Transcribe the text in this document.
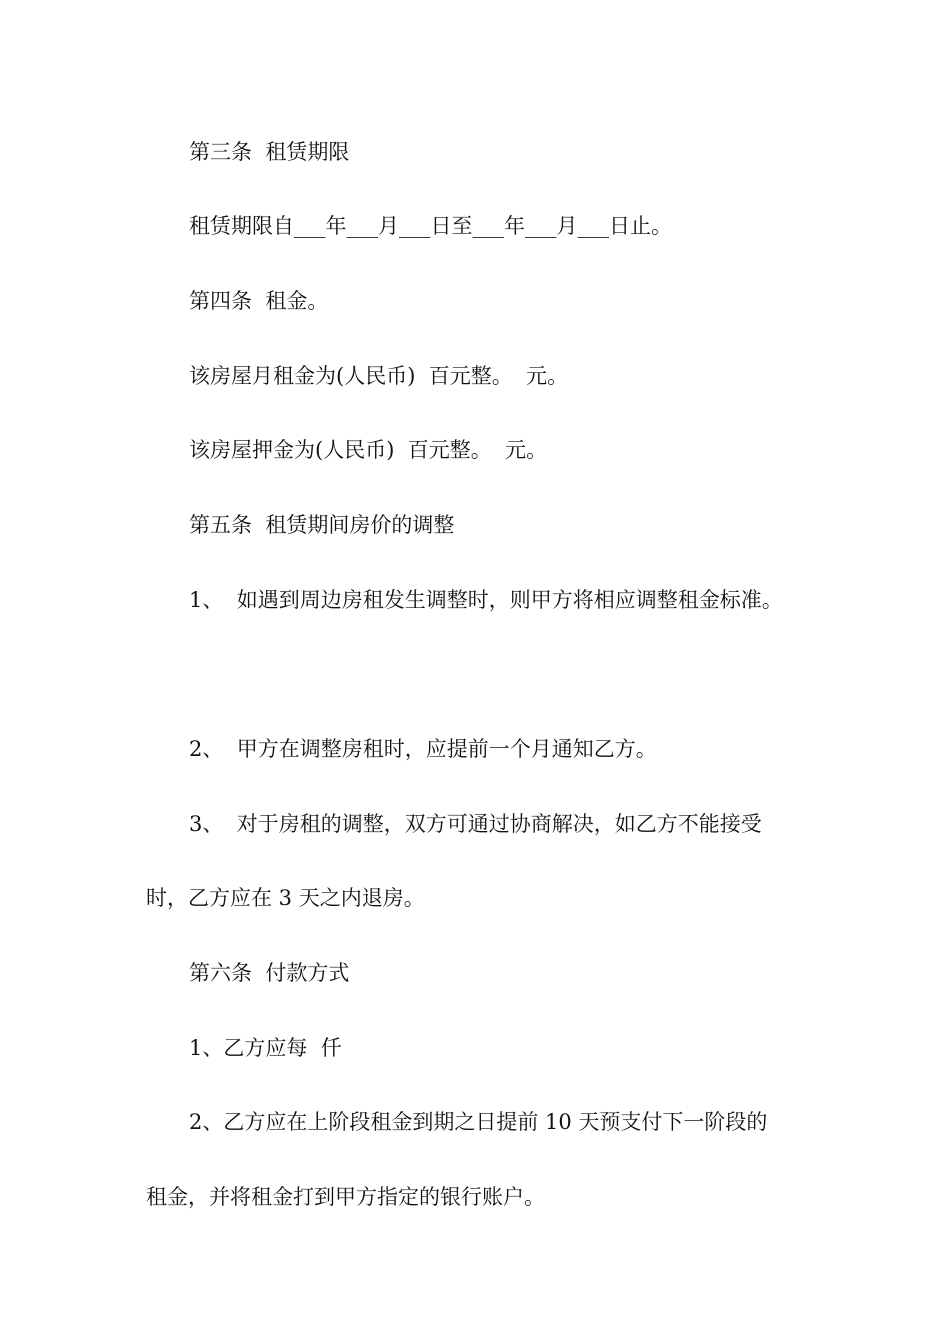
第三条  租赁期限

租赁期限自___年___月___日至___年___月___日止。

第四条  租金。

该房屋月租金为(人民币)  百元整。  元。

该房屋押金为(人民币)  百元整。  元。

第五条  租赁期间房价的调整

1、  如遇到周边房租发生调整时，则甲方将相应调整租金标准。

2、  甲方在调整房租时，应提前一个月通知乙方。

3、  对于房租的调整，双方可通过协商解决，如乙方不能接受

时，乙方应在 3 天之内退房。

第六条  付款方式

1、乙方应每  仟

2、乙方应在上阶段租金到期之日提前 10 天预支付下一阶段的

租金，并将租金打到甲方指定的银行账户。
